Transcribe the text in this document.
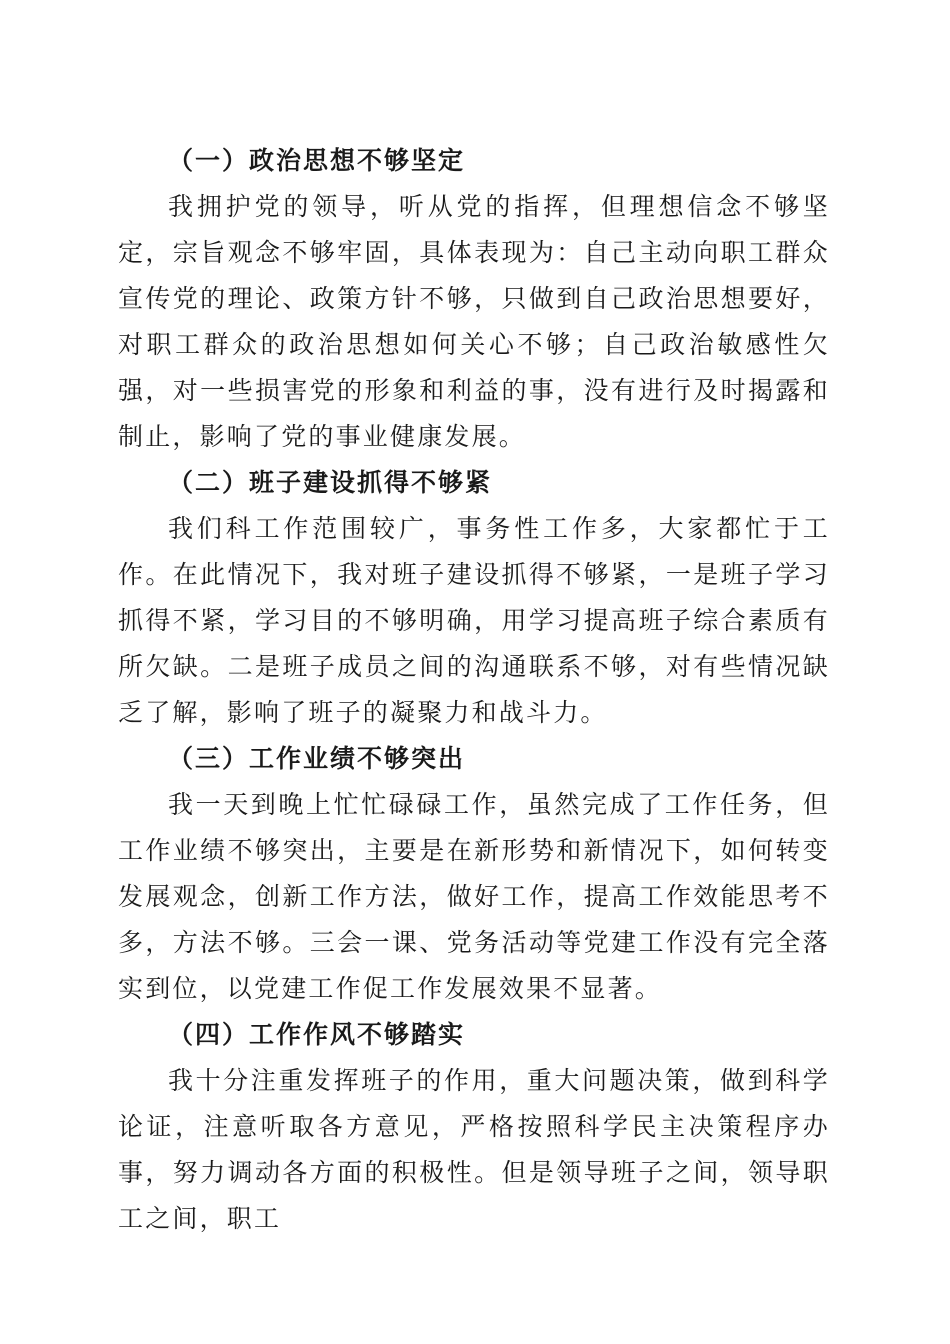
（一）政治思想不够坚定

我拥护党的领导，听从党的指挥，但理想信念不够坚定，宗旨观念不够牢固，具体表现为：自己主动向职工群众宣传党的理论、政策方针不够，只做到自己政治思想要好，对职工群众的政治思想如何关心不够；自己政治敏感性欠强，对一些损害党的形象和利益的事，没有进行及时揭露和制止，影响了党的事业健康发展。

（二）班子建设抓得不够紧

我们科工作范围较广，事务性工作多，大家都忙于工作。在此情况下，我对班子建设抓得不够紧，一是班子学习抓得不紧，学习目的不够明确，用学习提高班子综合素质有所欠缺。二是班子成员之间的沟通联系不够，对有些情况缺乏了解，影响了班子的凝聚力和战斗力。

（三）工作业绩不够突出

我一天到晚上忙忙碌碌工作，虽然完成了工作任务，但工作业绩不够突出，主要是在新形势和新情况下，如何转变发展观念，创新工作方法，做好工作，提高工作效能思考不多，方法不够。三会一课、党务活动等党建工作没有完全落实到位，以党建工作促工作发展效果不显著。

（四）工作作风不够踏实

我十分注重发挥班子的作用，重大问题决策，做到科学论证，注意听取各方意见，严格按照科学民主决策程序办事，努力调动各方面的积极性。但是领导班子之间，领导职工之间，职工
